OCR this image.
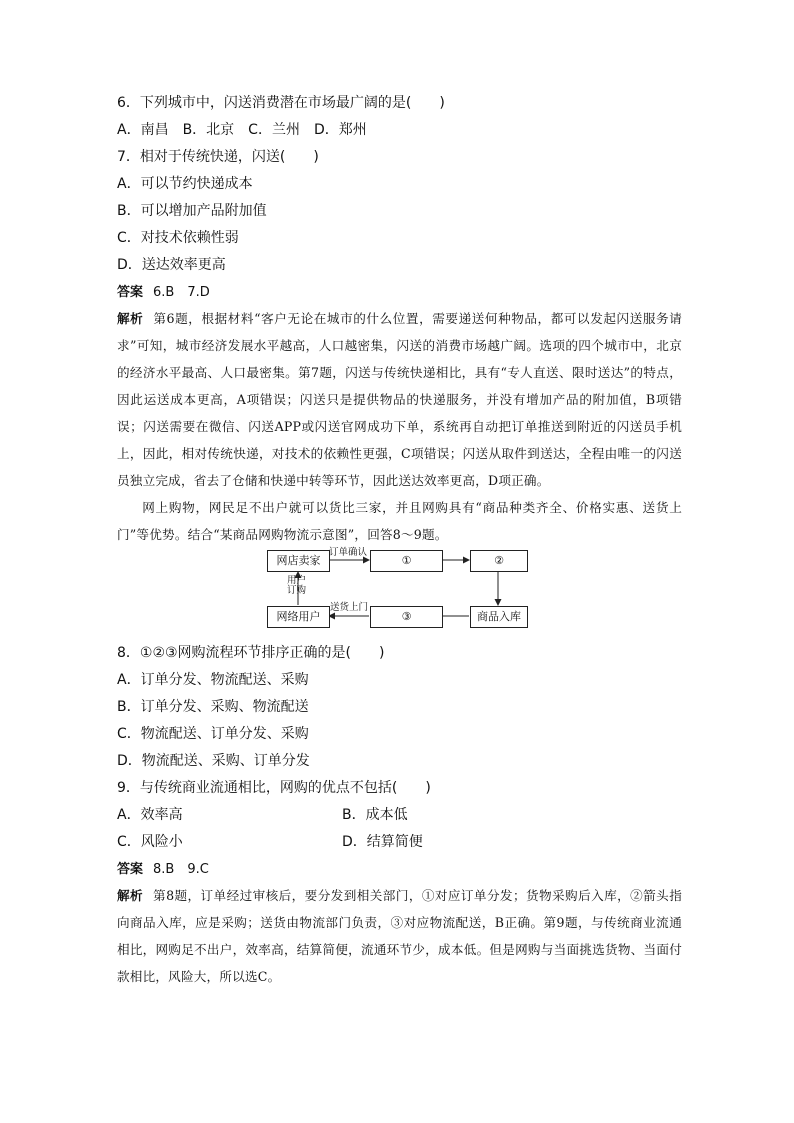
6．下列城市中，闪送消费潜在市场最广阔的是(　　)
A．南昌　B．北京　C．兰州　D．郑州
7．相对于传统快递，闪送(　　)
A．可以节约快递成本
B．可以增加产品附加值
C．对技术依赖性弱
D．送达效率更高
答案 6.B　7.D
解析 第6题，根据材料“客户无论在城市的什么位置，需要递送何种物品，都可以发起闪送服务请求”可知，城市经济发展水平越高，人口越密集，闪送的消费市场越广阔。选项的四个城市中，北京的经济水平最高、人口最密集。第7题，闪送与传统快递相比，具有“专人直送、限时送达”的特点，因此运送成本更高，A项错误；闪送只是提供物品的快递服务，并没有增加产品的附加值，B项错误；闪送需要在微信、闪送APP或闪送官网成功下单，系统再自动把订单推送到附近的闪送员手机上，因此，相对传统快递，对技术的依赖性更强，C项错误；闪送从取件到送达，全程由唯一的闪送员独立完成，省去了仓储和快递中转等环节，因此送达效率更高，D项正确。
网上购物，网民足不出户就可以货比三家，并且网购具有“商品种类齐全、价格实惠、送货上门”等优势。结合“某商品网购物流示意图”，回答8～9题。
网店卖家	①	②
商品入库
③
网络用户
订单确认
送货上门
用户订购
8．①②③网购流程环节排序正确的是(　　)
A．订单分发、物流配送、采购
B．订单分发、采购、物流配送
C．物流配送、订单分发、采购
D．物流配送、采购、订单分发
9．与传统商业流通相比，网购的优点不包括(　　)
A．效率高	B．成本低
C．风险小	D．结算简便
答案 8.B　9.C
解析 第8题，订单经过审核后，要分发到相关部门，①对应订单分发；货物采购后入库，②箭头指向商品入库，应是采购；送货由物流部门负责，③对应物流配送，B正确。第9题，与传统商业流通相比，网购足不出户，效率高，结算简便，流通环节少，成本低。但是网购与当面挑选货物、当面付款相比，风险大，所以选C。
